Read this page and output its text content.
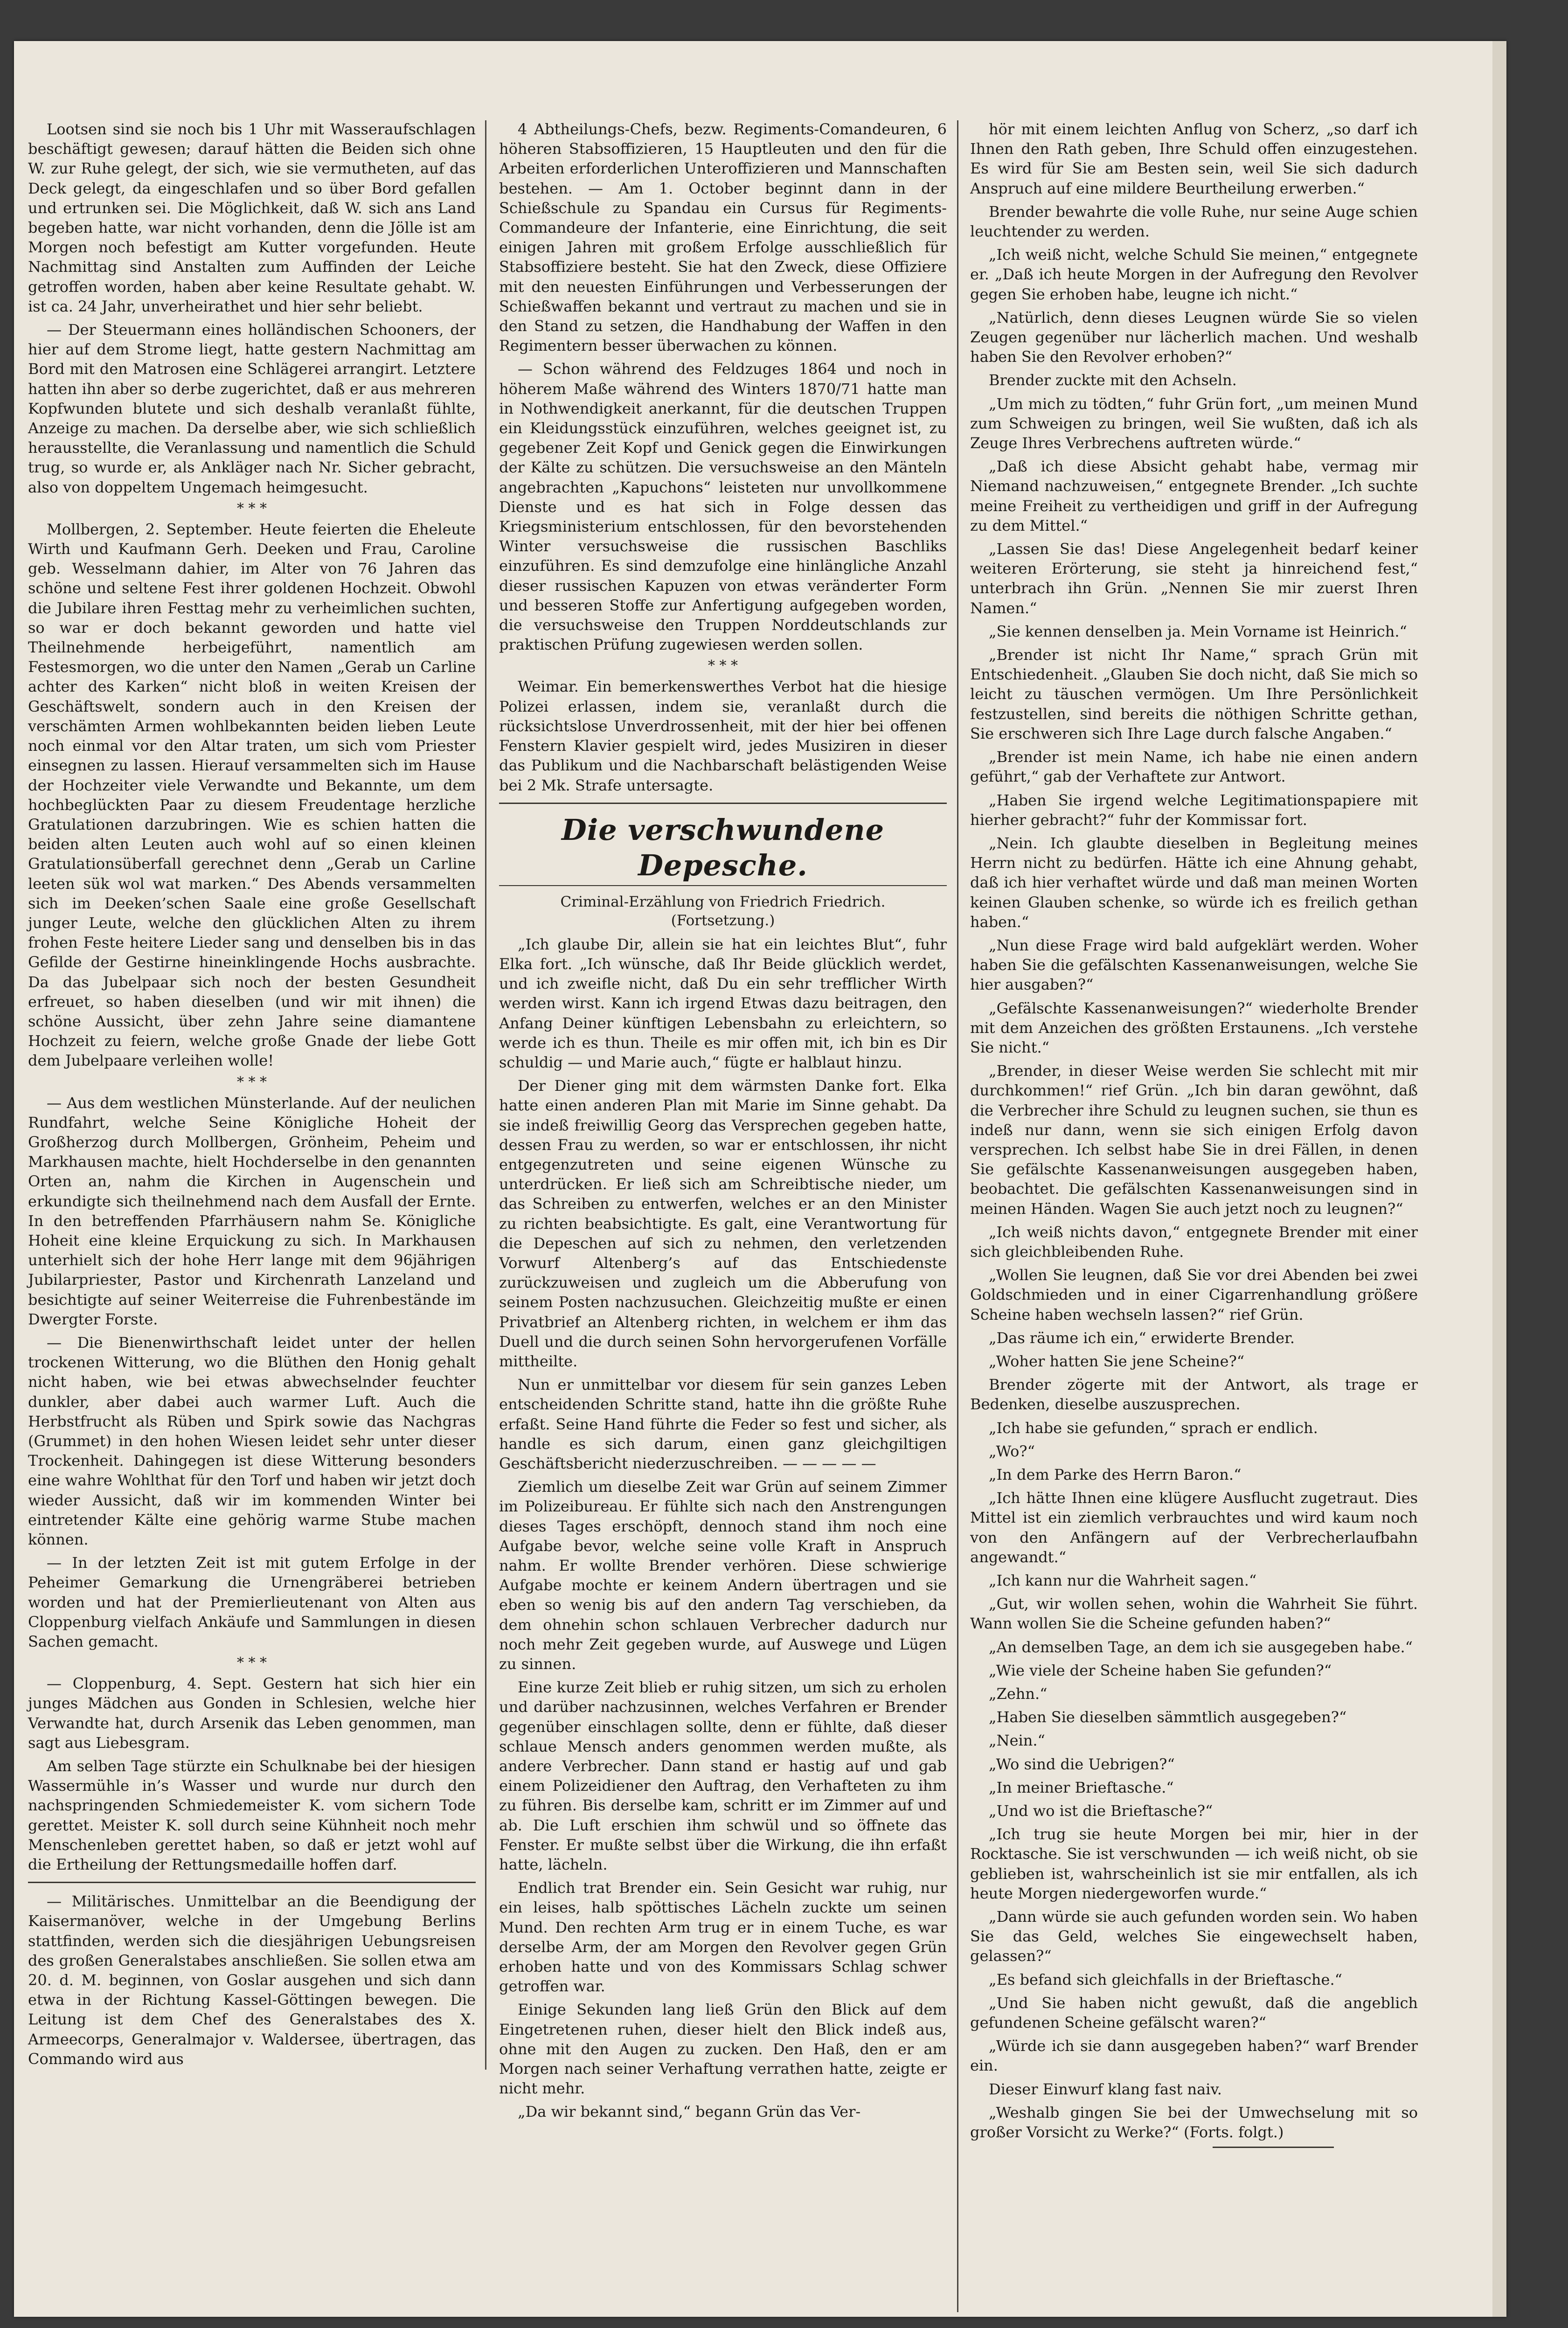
Lootsen sind sie noch bis 1 Uhr mit Wasseraufschlagen beschäftigt gewesen; darauf hätten die Beiden sich ohne W. zur Ruhe gelegt, der sich, wie sie vermutheten, auf das Deck gelegt, da eingeschlafen und so über Bord gefallen und ertrunken sei. Die Möglichkeit, daß W. sich ans Land begeben hatte, war nicht vorhanden, denn die Jölle ist am Morgen noch befestigt am Kutter vorgefunden. Heute Nachmittag sind Anstalten zum Auffinden der Leiche getroffen worden, haben aber keine Resultate gehabt. W. ist ca. 24 Jahr, unverheirathet und hier sehr beliebt.

— Der Steuermann eines holländischen Schooners, der hier auf dem Strome liegt, hatte gestern Nachmittag am Bord mit den Matrosen eine Schlägerei arrangirt. Letztere hatten ihn aber so derbe zugerichtet, daß er aus mehreren Kopfwunden blutete und sich deshalb veranlaßt fühlte, Anzeige zu machen. Da derselbe aber, wie sich schließlich herausstellte, die Veranlassung und namentlich die Schuld trug, so wurde er, als Ankläger nach Nr. Sicher gebracht, also von doppeltem Ungemach heimgesucht.

* * *

Mollbergen, 2. September. Heute feierten die Eheleute Wirth und Kaufmann Gerh. Deeken und Frau, Caroline geb. Wesselmann dahier, im Alter von 76 Jahren das schöne und seltene Fest ihrer goldenen Hochzeit. Obwohl die Jubilare ihren Festtag mehr zu verheimlichen suchten, so war er doch bekannt geworden und hatte viel Theilnehmende herbeigeführt, namentlich am Festesmorgen, wo die unter den Namen „Gerab un Carline achter des Karken“ nicht bloß in weiten Kreisen der Geschäftswelt, sondern auch in den Kreisen der verschämten Armen wohlbekannten beiden lieben Leute noch einmal vor den Altar traten, um sich vom Priester einsegnen zu lassen. Hierauf versammelten sich im Hause der Hochzeiter viele Verwandte und Bekannte, um dem hochbeglückten Paar zu diesem Freudentage herzliche Gratulationen darzubringen. Wie es schien hatten die beiden alten Leuten auch wohl auf so einen kleinen Gratulationsüberfall gerechnet denn „Gerab un Carline leeten sük wol wat marken.“ Des Abends versammelten sich im Deeken’schen Saale eine große Gesellschaft junger Leute, welche den glücklichen Alten zu ihrem frohen Feste heitere Lieder sang und denselben bis in das Gefilde der Gestirne hineinklingende Hochs ausbrachte. Da das Jubelpaar sich noch der besten Gesundheit erfreuet, so haben dieselben (und wir mit ihnen) die schöne Aussicht, über zehn Jahre seine diamantene Hochzeit zu feiern, welche große Gnade der liebe Gott dem Jubelpaare verleihen wolle!

* * *

— Aus dem westlichen Münsterlande. Auf der neulichen Rundfahrt, welche Seine Königliche Hoheit der Großherzog durch Mollbergen, Grönheim, Peheim und Markhausen machte, hielt Hochderselbe in den genannten Orten an, nahm die Kirchen in Augenschein und erkundigte sich theilnehmend nach dem Ausfall der Ernte. In den betreffenden Pfarrhäusern nahm Se. Königliche Hoheit eine kleine Erquickung zu sich. In Markhausen unterhielt sich der hohe Herr lange mit dem 96jährigen Jubilarpriester, Pastor und Kirchenrath Lanzeland und besichtigte auf seiner Weiterreise die Fuhrenbestände im Dwergter Forste.

— Die Bienenwirthschaft leidet unter der hellen trockenen Witterung, wo die Blüthen den Honig gehalt nicht haben, wie bei etwas abwechselnder feuchter dunkler, aber dabei auch warmer Luft. Auch die Herbstfrucht als Rüben und Spirk sowie das Nachgras (Grummet) in den hohen Wiesen leidet sehr unter dieser Trockenheit. Dahingegen ist diese Witterung besonders eine wahre Wohlthat für den Torf und haben wir jetzt doch wieder Aussicht, daß wir im kommenden Winter bei eintretender Kälte eine gehörig warme Stube machen können.

— In der letzten Zeit ist mit gutem Erfolge in der Peheimer Gemarkung die Urnengräberei betrieben worden und hat der Premierlieutenant von Alten aus Cloppenburg vielfach Ankäufe und Sammlungen in diesen Sachen gemacht.

* * *

— Cloppenburg, 4. Sept. Gestern hat sich hier ein junges Mädchen aus Gonden in Schlesien, welche hier Verwandte hat, durch Arsenik das Leben genommen, man sagt aus Liebesgram.

Am selben Tage stürzte ein Schulknabe bei der hiesigen Wassermühle in’s Wasser und wurde nur durch den nachspringenden Schmiedemeister K. vom sichern Tode gerettet. Meister K. soll durch seine Kühnheit noch mehr Menschenleben gerettet haben, so daß er jetzt wohl auf die Ertheilung der Rettungsmedaille hoffen darf.

— Militärisches. Unmittelbar an die Beendigung der Kaisermanöver, welche in der Umgebung Berlins stattfinden, werden sich die diesjährigen Uebungsreisen des großen Generalstabes anschließen. Sie sollen etwa am 20. d. M. beginnen, von Goslar ausgehen und sich dann etwa in der Richtung Kassel-Göttingen bewegen. Die Leitung ist dem Chef des Generalstabes des X. Armeecorps, Generalmajor v. Waldersee, übertragen, das Commando wird aus

4 Abtheilungs-Chefs, bezw. Regiments-Comandeuren, 6 höheren Stabsoffizieren, 15 Hauptleuten und den für die Arbeiten erforderlichen Unteroffizieren und Mannschaften bestehen. — Am 1. October beginnt dann in der Schießschule zu Spandau ein Cursus für Regiments-Commandeure der Infanterie, eine Einrichtung, die seit einigen Jahren mit großem Erfolge ausschließlich für Stabsoffiziere besteht. Sie hat den Zweck, diese Offiziere mit den neuesten Einführungen und Verbesserungen der Schießwaffen bekannt und vertraut zu machen und sie in den Stand zu setzen, die Handhabung der Waffen in den Regimentern besser überwachen zu können.

— Schon während des Feldzuges 1864 und noch in höherem Maße während des Winters 1870/71 hatte man in Nothwendigkeit anerkannt, für die deutschen Truppen ein Kleidungsstück einzuführen, welches geeignet ist, zu gegebener Zeit Kopf und Genick gegen die Einwirkungen der Kälte zu schützen. Die versuchsweise an den Mänteln angebrachten „Kapuchons“ leisteten nur unvollkommene Dienste und es hat sich in Folge dessen das Kriegsministerium entschlossen, für den bevorstehenden Winter versuchsweise die russischen Baschliks einzuführen. Es sind demzufolge eine hinlängliche Anzahl dieser russischen Kapuzen von etwas veränderter Form und besseren Stoffe zur Anfertigung aufgegeben worden, die versuchsweise den Truppen Norddeutschlands zur praktischen Prüfung zugewiesen werden sollen.

* * *

Weimar. Ein bemerkenswerthes Verbot hat die hiesige Polizei erlassen, indem sie, veranlaßt durch die rücksichtslose Unverdrossenheit, mit der hier bei offenen Fenstern Klavier gespielt wird, jedes Musiziren in dieser das Publikum und die Nachbarschaft belästigenden Weise bei 2 Mk. Strafe untersagte.

Die verschwundene Depesche.

Criminal-Erzählung von Friedrich Friedrich.

(Fortsetzung.)

„Ich glaube Dir, allein sie hat ein leichtes Blut“, fuhr Elka fort. „Ich wünsche, daß Ihr Beide glücklich werdet, und ich zweifle nicht, daß Du ein sehr trefflicher Wirth werden wirst. Kann ich irgend Etwas dazu beitragen, den Anfang Deiner künftigen Lebensbahn zu erleichtern, so werde ich es thun. Theile es mir offen mit, ich bin es Dir schuldig — und Marie auch,“ fügte er halblaut hinzu.

Der Diener ging mit dem wärmsten Danke fort. Elka hatte einen anderen Plan mit Marie im Sinne gehabt. Da sie indeß freiwillig Georg das Versprechen gegeben hatte, dessen Frau zu werden, so war er entschlossen, ihr nicht entgegenzutreten und seine eigenen Wünsche zu unterdrücken. Er ließ sich am Schreibtische nieder, um das Schreiben zu entwerfen, welches er an den Minister zu richten beabsichtigte. Es galt, eine Verantwortung für die Depeschen auf sich zu nehmen, den verletzenden Vorwurf Altenberg’s auf das Entschiedenste zurückzuweisen und zugleich um die Abberufung von seinem Posten nachzusuchen. Gleichzeitig mußte er einen Privatbrief an Altenberg richten, in welchem er ihm das Duell und die durch seinen Sohn hervorgerufenen Vorfälle mittheilte.

Nun er unmittelbar vor diesem für sein ganzes Leben entscheidenden Schritte stand, hatte ihn die größte Ruhe erfaßt. Seine Hand führte die Feder so fest und sicher, als handle es sich darum, einen ganz gleichgiltigen Geschäftsbericht niederzuschreiben. — — — — —

Ziemlich um dieselbe Zeit war Grün auf seinem Zimmer im Polizeibureau. Er fühlte sich nach den Anstrengungen dieses Tages erschöpft, dennoch stand ihm noch eine Aufgabe bevor, welche seine volle Kraft in Anspruch nahm. Er wollte Brender verhören. Diese schwierige Aufgabe mochte er keinem Andern übertragen und sie eben so wenig bis auf den andern Tag verschieben, da dem ohnehin schon schlauen Verbrecher dadurch nur noch mehr Zeit gegeben wurde, auf Auswege und Lügen zu sinnen.

Eine kurze Zeit blieb er ruhig sitzen, um sich zu erholen und darüber nachzusinnen, welches Verfahren er Brender gegenüber einschlagen sollte, denn er fühlte, daß dieser schlaue Mensch anders genommen werden mußte, als andere Verbrecher. Dann stand er hastig auf und gab einem Polizeidiener den Auftrag, den Verhafteten zu ihm zu führen. Bis derselbe kam, schritt er im Zimmer auf und ab. Die Luft erschien ihm schwül und so öffnete das Fenster. Er mußte selbst über die Wirkung, die ihn erfaßt hatte, lächeln.

Endlich trat Brender ein. Sein Gesicht war ruhig, nur ein leises, halb spöttisches Lächeln zuckte um seinen Mund. Den rechten Arm trug er in einem Tuche, es war derselbe Arm, der am Morgen den Revolver gegen Grün erhoben hatte und von des Kommissars Schlag schwer getroffen war.

Einige Sekunden lang ließ Grün den Blick auf dem Eingetretenen ruhen, dieser hielt den Blick indeß aus, ohne mit den Augen zu zucken. Den Haß, den er am Morgen nach seiner Verhaftung verrathen hatte, zeigte er nicht mehr.

„Da wir bekannt sind,“ begann Grün das Ver-

hör mit einem leichten Anflug von Scherz, „so darf ich Ihnen den Rath geben, Ihre Schuld offen einzugestehen. Es wird für Sie am Besten sein, weil Sie sich dadurch Anspruch auf eine mildere Beurtheilung erwerben.“

Brender bewahrte die volle Ruhe, nur seine Auge schien leuchtender zu werden.

„Ich weiß nicht, welche Schuld Sie meinen,“ entgegnete er. „Daß ich heute Morgen in der Aufregung den Revolver gegen Sie erhoben habe, leugne ich nicht.“

„Natürlich, denn dieses Leugnen würde Sie so vielen Zeugen gegenüber nur lächerlich machen. Und weshalb haben Sie den Revolver erhoben?“

Brender zuckte mit den Achseln.

„Um mich zu tödten,“ fuhr Grün fort, „um meinen Mund zum Schweigen zu bringen, weil Sie wußten, daß ich als Zeuge Ihres Verbrechens auftreten würde.“

„Daß ich diese Absicht gehabt habe, vermag mir Niemand nachzuweisen,“ entgegnete Brender. „Ich suchte meine Freiheit zu vertheidigen und griff in der Aufregung zu dem Mittel.“

„Lassen Sie das! Diese Angelegenheit bedarf keiner weiteren Erörterung, sie steht ja hinreichend fest,“ unterbrach ihn Grün. „Nennen Sie mir zuerst Ihren Namen.“

„Sie kennen denselben ja. Mein Vorname ist Heinrich.“

„Brender ist nicht Ihr Name,“ sprach Grün mit Entschiedenheit. „Glauben Sie doch nicht, daß Sie mich so leicht zu täuschen vermögen. Um Ihre Persönlichkeit festzustellen, sind bereits die nöthigen Schritte gethan, Sie erschweren sich Ihre Lage durch falsche Angaben.“

„Brender ist mein Name, ich habe nie einen andern geführt,“ gab der Verhaftete zur Antwort.

„Haben Sie irgend welche Legitimationspapiere mit hierher gebracht?“ fuhr der Kommissar fort.

„Nein. Ich glaubte dieselben in Begleitung meines Herrn nicht zu bedürfen. Hätte ich eine Ahnung gehabt, daß ich hier verhaftet würde und daß man meinen Worten keinen Glauben schenke, so würde ich es freilich gethan haben.“

„Nun diese Frage wird bald aufgeklärt werden. Woher haben Sie die gefälschten Kassenanweisungen, welche Sie hier ausgaben?“

„Gefälschte Kassenanweisungen?“ wiederholte Brender mit dem Anzeichen des größten Erstaunens. „Ich verstehe Sie nicht.“

„Brender, in dieser Weise werden Sie schlecht mit mir durchkommen!“ rief Grün. „Ich bin daran gewöhnt, daß die Verbrecher ihre Schuld zu leugnen suchen, sie thun es indeß nur dann, wenn sie sich einigen Erfolg davon versprechen. Ich selbst habe Sie in drei Fällen, in denen Sie gefälschte Kassenanweisungen ausgegeben haben, beobachtet. Die gefälschten Kassenanweisungen sind in meinen Händen. Wagen Sie auch jetzt noch zu leugnen?“

„Ich weiß nichts davon,“ entgegnete Brender mit einer sich gleichbleibenden Ruhe.

„Wollen Sie leugnen, daß Sie vor drei Abenden bei zwei Goldschmieden und in einer Cigarrenhandlung größere Scheine haben wechseln lassen?“ rief Grün.

„Das räume ich ein,“ erwiderte Brender.

„Woher hatten Sie jene Scheine?“

Brender zögerte mit der Antwort, als trage er Bedenken, dieselbe auszusprechen.

„Ich habe sie gefunden,“ sprach er endlich.

„Wo?“

„In dem Parke des Herrn Baron.“

„Ich hätte Ihnen eine klügere Ausflucht zugetraut. Dies Mittel ist ein ziemlich verbrauchtes und wird kaum noch von den Anfängern auf der Verbrecherlaufbahn angewandt.“

„Ich kann nur die Wahrheit sagen.“

„Gut, wir wollen sehen, wohin die Wahrheit Sie führt. Wann wollen Sie die Scheine gefunden haben?“

„An demselben Tage, an dem ich sie ausgegeben habe.“

„Wie viele der Scheine haben Sie gefunden?“

„Zehn.“

„Haben Sie dieselben sämmtlich ausgegeben?“

„Nein.“

„Wo sind die Uebrigen?“

„In meiner Brieftasche.“

„Und wo ist die Brieftasche?“

„Ich trug sie heute Morgen bei mir, hier in der Rocktasche. Sie ist verschwunden — ich weiß nicht, ob sie geblieben ist, wahrscheinlich ist sie mir entfallen, als ich heute Morgen niedergeworfen wurde.“

„Dann würde sie auch gefunden worden sein. Wo haben Sie das Geld, welches Sie eingewechselt haben, gelassen?“

„Es befand sich gleichfalls in der Brieftasche.“

„Und Sie haben nicht gewußt, daß die angeblich gefundenen Scheine gefälscht waren?“

„Würde ich sie dann ausgegeben haben?“ warf Brender ein.

Dieser Einwurf klang fast naiv.

„Weshalb gingen Sie bei der Umwechselung mit so großer Vorsicht zu Werke?“ (Forts. folgt.)
